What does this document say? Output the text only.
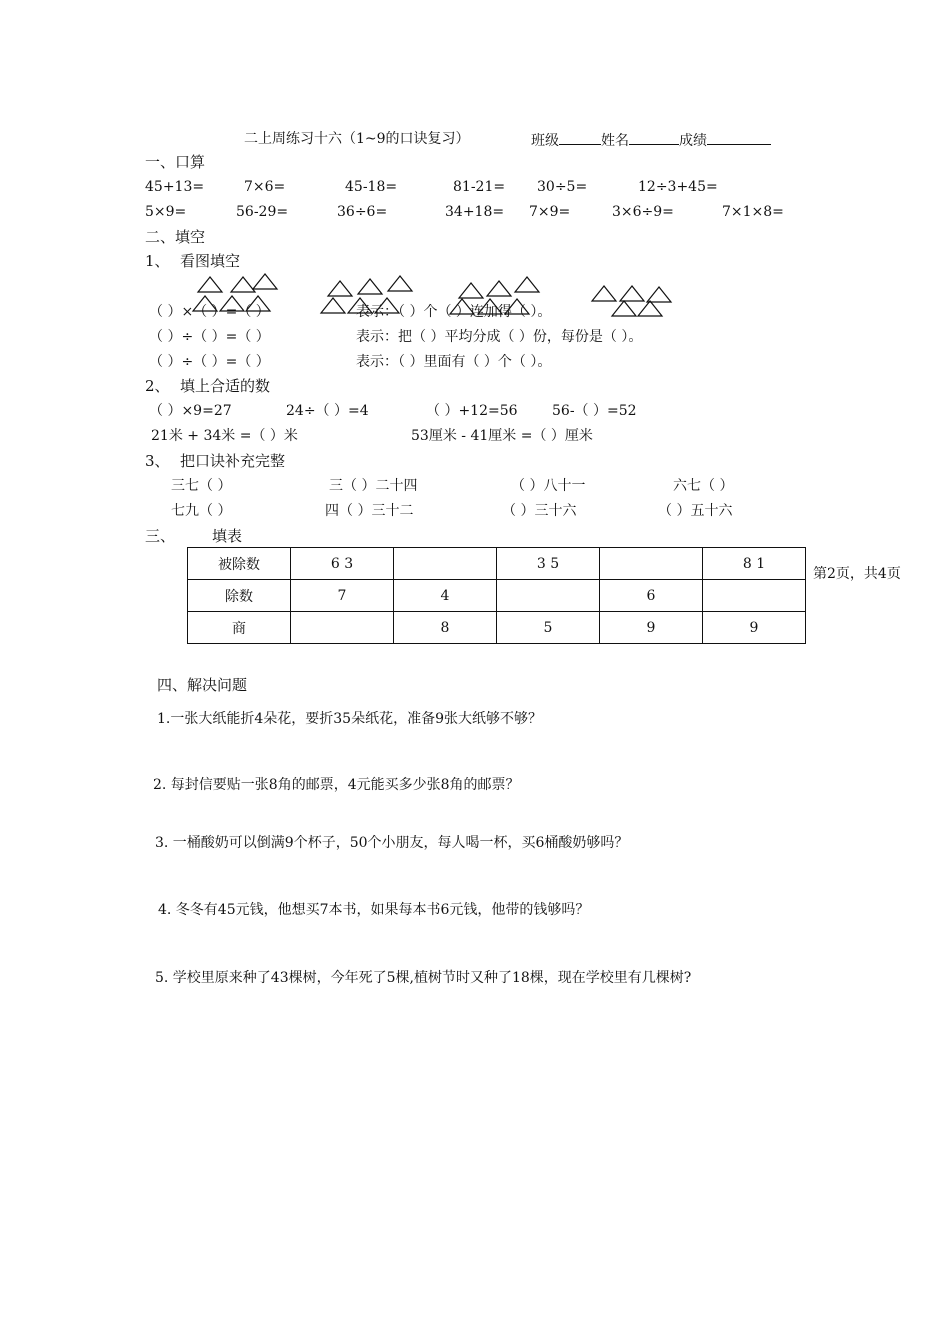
二上周练习十六（1~9的口诀复习）	班级	姓名	成绩
一、口算
45+13=	7×6=	45-18=	81-21= 30÷5=	12÷3+45=
5×9=	56-29=	36÷6=	34+18= 7×9=	3×6÷9=	7×1×8=
二、填空
1、 看图填空
（ ）×（ ）=（ ）	表示：（ ）个（ ）连加得（ ）。
（ ）÷（ ）=（ ）	表示：把（ ）平均分成（ ）份，每份是（ ）。
（ ）÷（ ）=（ ）	表示：（ ）里面有（ ）个（ ）。
2、 填上合适的数
（ ）×9=27	24÷（ ）=4	（ ）+12=56 56-（ ）=52
21米 + 34米 =（ ）米	53厘米 - 41厘米 =（ ）厘米
3、 把口诀补充完整
三七（ ）	三（ ）二十四	（ ）八十一	六七（ ）
七九（ ）	四（ ）三十二	（ ）三十六	（ ）五十六
三、 填表
被除数	6 3		3 5		8 1
除数	7	4		6	
商		8	5	9	9
第2页，共4页
四、解决问题
1.一张大纸能折4朵花，要折35朵纸花，准备9张大纸够不够？
2. 每封信要贴一张8角的邮票，4元能买多少张8角的邮票？
3. 一桶酸奶可以倒满9个杯子，50个小朋友，每人喝一杯，买6桶酸奶够吗？
4. 冬冬有45元钱，他想买7本书，如果每本书6元钱，他带的钱够吗？
5. 学校里原来种了43棵树，今年死了5棵,植树节时又种了18棵，现在学校里有几棵树?
